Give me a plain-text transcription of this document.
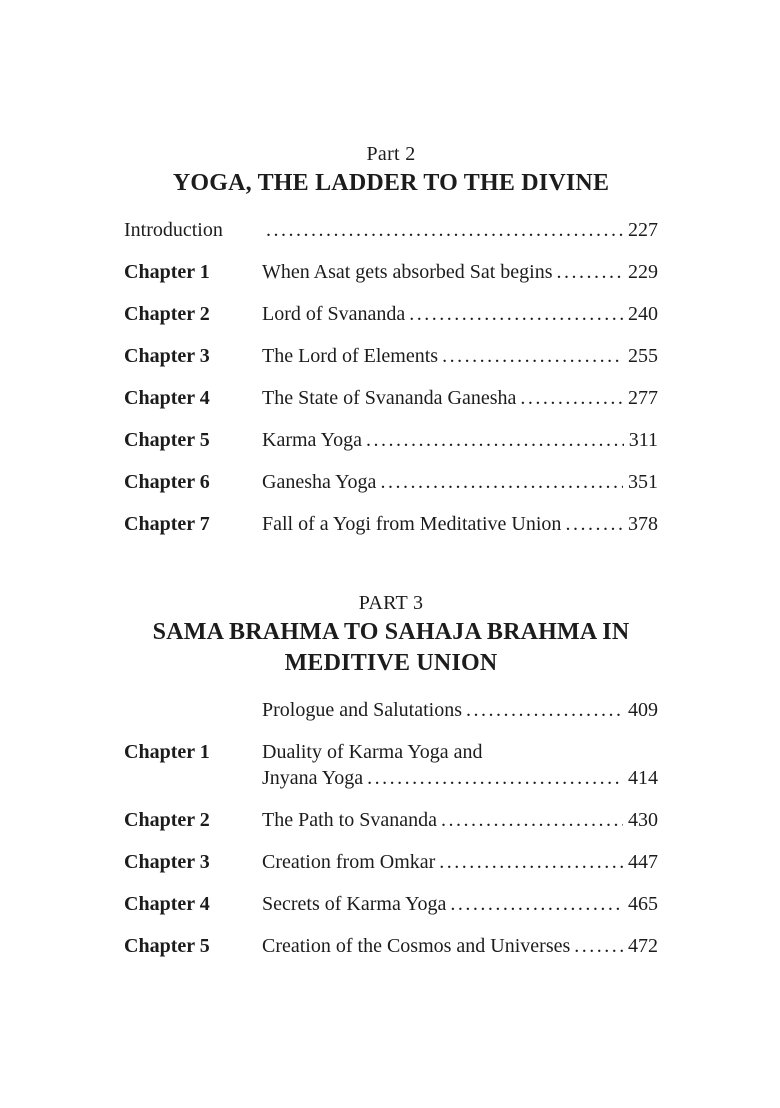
Part 2
YOGA, THE LADDER TO THE DIVINE
Introduction .....	227
Chapter 1	When Asat gets absorbed Sat begins .....	229
Chapter 2	Lord of Svananda .....	240
Chapter 3	The Lord of Elements .....	255
Chapter 4	The State of Svananda Ganesha .....	277
Chapter 5	Karma Yoga .....	311
Chapter 6	Ganesha Yoga .....	351
Chapter 7	Fall of a Yogi from Meditative Union .....	378
PART 3
SAMA BRAHMA TO SAHAJA BRAHMA IN
MEDITIVE UNION
Prologue and Salutations .....	409
Chapter 1	Duality of Karma Yoga and
Jnyana Yoga .....	414
Chapter 2	The Path to Svananda .....	430
Chapter 3	Creation from Omkar .....	447
Chapter 4	Secrets of Karma Yoga .....	465
Chapter 5	Creation of the Cosmos and Universes .....	472
